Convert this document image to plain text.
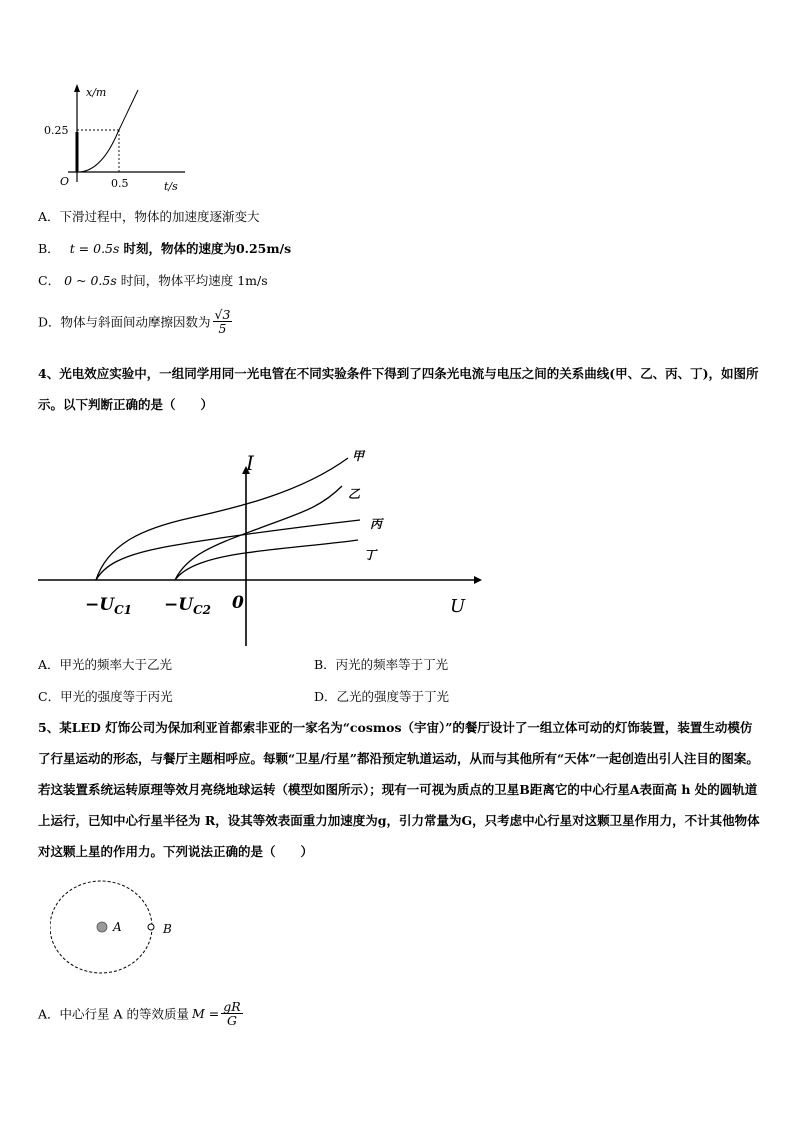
x/m
0.25
O	0.5	t/s
A．下滑过程中，物体的加速度逐渐变大
B． t = 0.5s 时刻，物体的速度为0.25m/s
C． 0 ~ 0.5s 时间，物体平均速度 1m/s
D．物体与斜面间动摩擦因数为 $\frac{√3}{5}$
4、光电效应实验中，一组同学用同一光电管在不同实验条件下得到了四条光电流与电压之间的关系曲线(甲、乙、丙、丁)，如图所示。以下判断正确的是（　　）
I
U
0
$-U_{C1} -U_{C2}$
甲
乙
丙
丁
A．甲光的频率大于乙光	B．丙光的频率等于丁光
C．甲光的强度等于丙光	D．乙光的强度等于丁光
5、某LED 灯饰公司为保加利亚首都索非亚的一家名为“cosmos（宇宙）”的餐厅设计了一组立体可动的灯饰装置，装置生动模仿了行星运动的形态，与餐厅主题相呼应。每颗“卫星/行星”都沿预定轨道运动，从而与其他所有“天体”一起创造出引人注目的图案。若这装置系统运转原理等效月亮绕地球运转（模型如图所示）；现有一可视为质点的卫星B距离它的中心行星A表面高 h 处的圆轨道上运行，已知中心行星半径为 R，设其等效表面重力加速度为g，引力常量为G，只考虑中心行星对这颗卫星作用力，不计其他物体对这颗上星的作用力。下列说法正确的是（　　）
A	B
A．中心行星 A 的等效质量 $M = \frac{gR}{G}$
